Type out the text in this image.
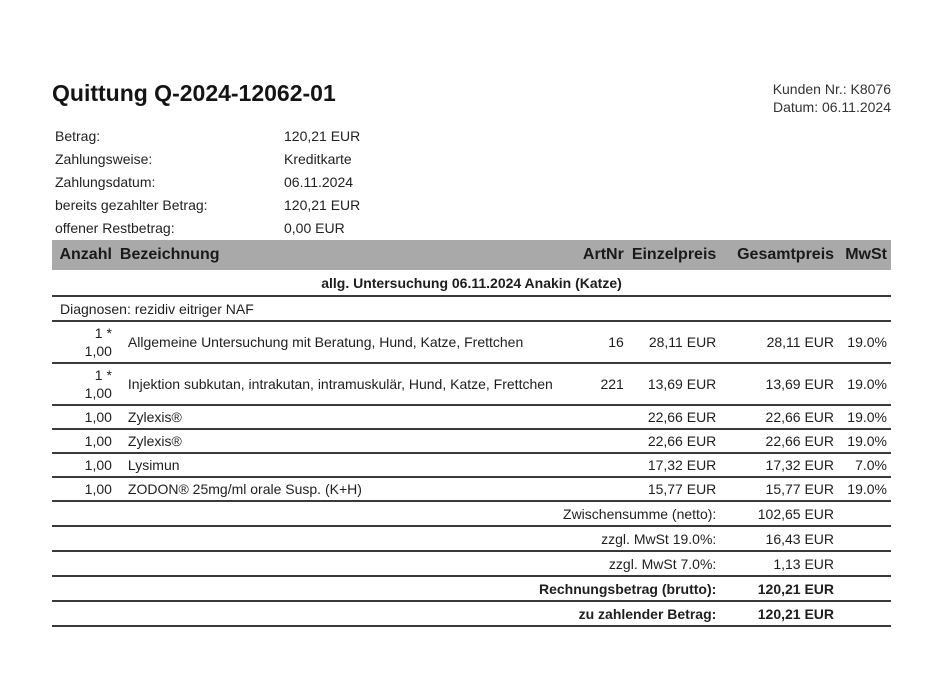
Quittung Q-2024-12062-01	Kunden Nr.: K8076
Datum: 06.11.2024
Betrag:	120,21 EUR
Zahlungsweise:	Kreditkarte
Zahlungsdatum:	06.11.2024
bereits gezahlter Betrag:	120,21 EUR
offener Restbetrag:	0,00 EUR
Anzahl	Bezeichnung	ArtNr	Einzelpreis	Gesamtpreis	MwSt
allg. Untersuchung 06.11.2024 Anakin (Katze)					
Diagnosen: rezidiv eitriger NAF					

1 *
1,00	Allgemeine Untersuchung mit Beratung, Hund, Katze, Frettchen	16	28,11 EUR	28,11 EUR	19.0%

1 *
1,00	Injektion subkutan, intrakutan, intramuskulär, Hund, Katze, Frettchen	221	13,69 EUR	13,69 EUR	19.0%
1,00	Zylexis®		22,66 EUR	22,66 EUR	19.0%
1,00	Zylexis®		22,66 EUR	22,66 EUR	19.0%
1,00	Lysimun		17,32 EUR	17,32 EUR	7.0%
1,00	ZODON® 25mg/ml orale Susp. (K+H)		15,77 EUR	15,77 EUR	19.0%
Zwischensumme (netto):				102,65 EUR	
zzgl. MwSt 19.0%:				16,43 EUR	
zzgl. MwSt 7.0%:				1,13 EUR	
Rechnungsbetrag (brutto):				120,21 EUR	
zu zahlender Betrag:				120,21 EUR	
